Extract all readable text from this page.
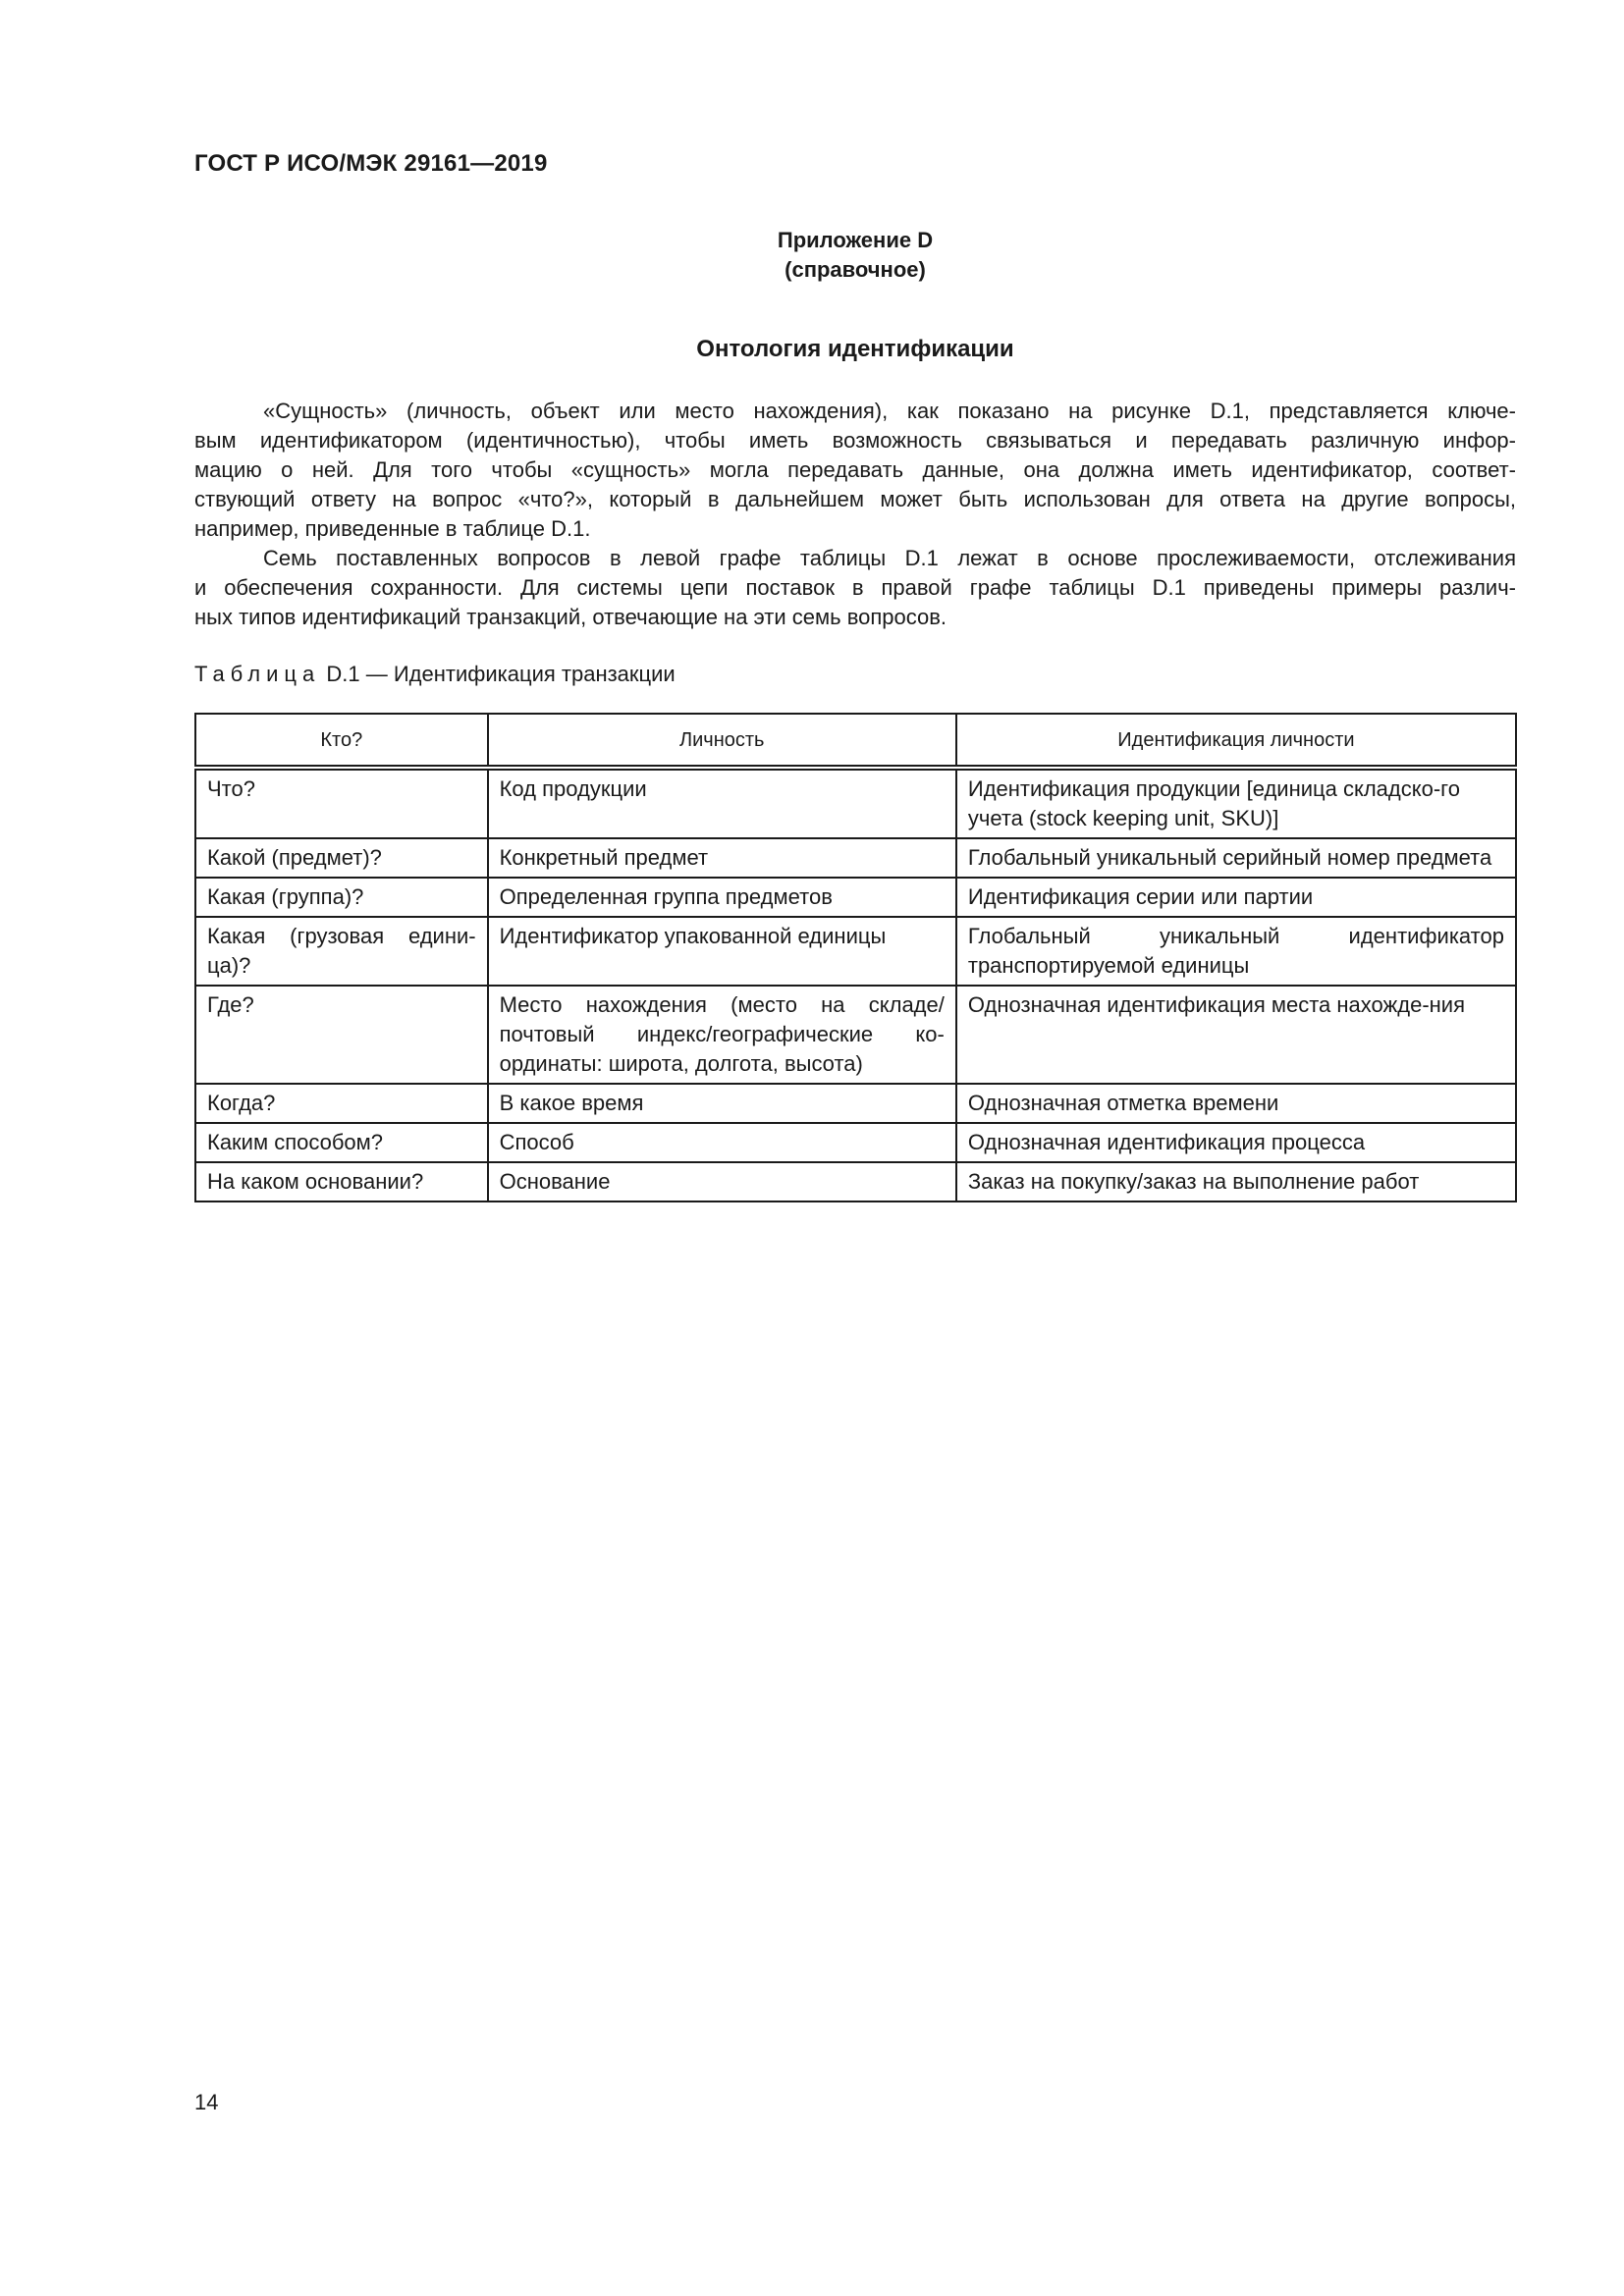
ГОСТ Р ИСО/МЭК 29161—2019
Приложение D
(справочное)
Онтология идентификации
«Сущность» (личность, объект или место нахождения), как показано на рисунке D.1, представляется ключе-
вым идентификатором (идентичностью), чтобы иметь возможность связываться и передавать различную инфор-
мацию о ней. Для того чтобы «сущность» могла передавать данные, она должна иметь идентификатор, соответ-
ствующий ответу на вопрос «что?», который в дальнейшем может быть использован для ответа на другие вопросы,
например, приведенные в таблице D.1.
Семь поставленных вопросов в левой графе таблицы D.1 лежат в основе прослеживаемости, отслеживания
и обеспечения сохранности. Для системы цепи поставок в правой графе таблицы D.1 приведены примеры различ-
ных типов идентификаций транзакций, отвечающие на эти семь вопросов.
Таблица D.1 — Идентификация транзакции
Кто?	Личность	Идентификация личности
Что?	Код продукции	Идентификация продукции [единица складско-го учета (stock keeping unit, SKU)]
Какой (предмет)?	Конкретный предмет	Глобальный уникальный серийный номер предмета
Какая (группа)?	Определенная группа предметов	Идентификация серии или партии
Какая (грузовая едини-ца)?	Идентификатор упакованной единицы	Глобальный уникальный идентификатор транспортируемой единицы
Где?	Место нахождения (место на складе/почтовый индекс/географические ко-ординаты: широта, долгота, высота)	Однозначная идентификация места нахожде-ния
Когда?	В какое время	Однозначная отметка времени
Каким способом?	Способ	Однозначная идентификация процесса
На каком основании?	Основание	Заказ на покупку/заказ на выполнение работ
14
